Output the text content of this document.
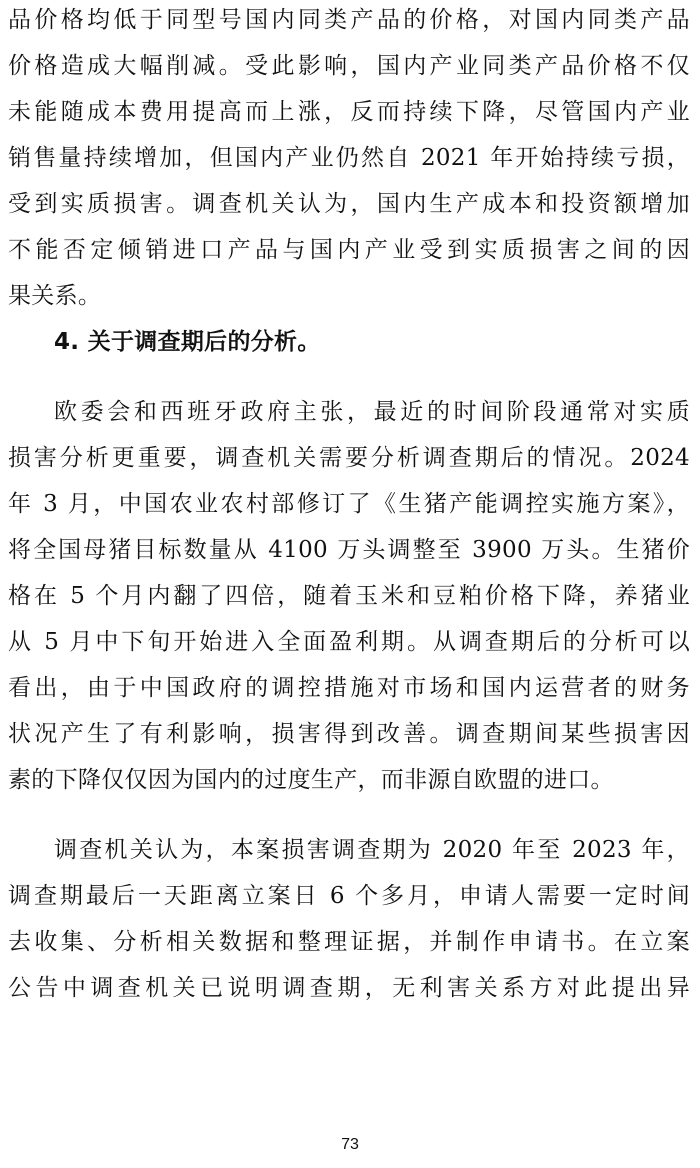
品价格均低于同型号国内同类产品的价格，对国内同类产品
价格造成大幅削减。受此影响，国内产业同类产品价格不仅
未能随成本费用提高而上涨，反而持续下降，尽管国内产业
销售量持续增加，但国内产业仍然自 2021 年开始持续亏损，
受到实质损害。调查机关认为，国内生产成本和投资额增加
不能否定倾销进口产品与国内产业受到实质损害之间的因
果关系。
4. 关于调查期后的分析。
欧委会和西班牙政府主张，最近的时间阶段通常对实质
损害分析更重要，调查机关需要分析调查期后的情况。2024
年 3 月，中国农业农村部修订了《生猪产能调控实施方案》，
将全国母猪目标数量从 4100 万头调整至 3900 万头。生猪价
格在 5 个月内翻了四倍，随着玉米和豆粕价格下降，养猪业
从 5 月中下旬开始进入全面盈利期。从调查期后的分析可以
看出，由于中国政府的调控措施对市场和国内运营者的财务
状况产生了有利影响，损害得到改善。调查期间某些损害因
素的下降仅仅因为国内的过度生产，而非源自欧盟的进口。
调查机关认为，本案损害调查期为 2020 年至 2023 年，
调查期最后一天距离立案日 6 个多月，申请人需要一定时间
去收集、分析相关数据和整理证据，并制作申请书。在立案
公告中调查机关已说明调查期，无利害关系方对此提出异
73
